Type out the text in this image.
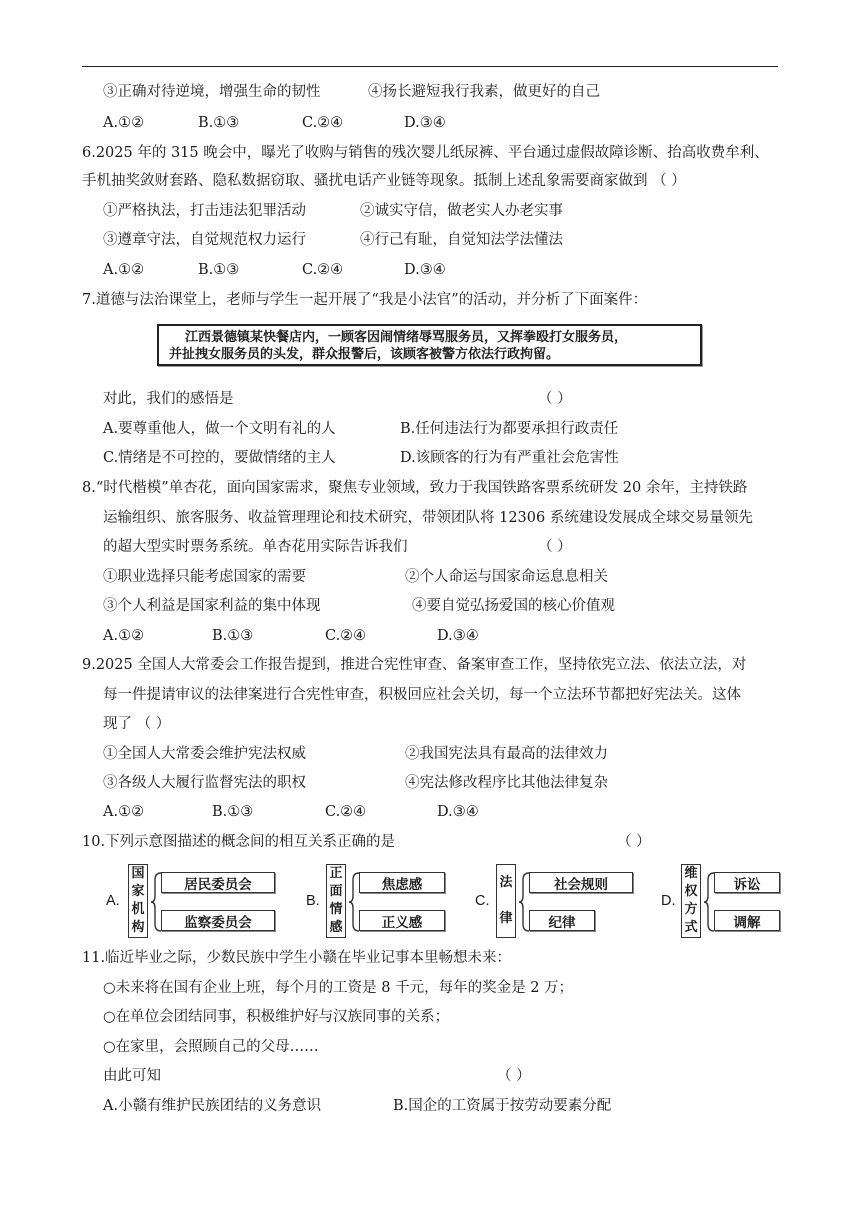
③正确对待逆境，增强生命的韧性	④扬长避短我行我素，做更好的自己
A.①②	B.①③	C.②④	D.③④
6.2025 年的 315 晚会中，曝光了收购与销售的残次婴儿纸尿裤、平台通过虚假故障诊断、抬高收费牟利、
手机抽奖敛财套路、隐私数据窃取、骚扰电话产业链等现象。抵制上述乱象需要商家做到 （ ）
①严格执法，打击违法犯罪活动	②诚实守信，做老实人办老实事
③遵章守法，自觉规范权力运行	④行己有耻，自觉知法学法懂法
A.①②	B.①③	C.②④	D.③④
7.道德与法治课堂上，老师与学生一起开展了“我是小法官”的活动，并分析了下面案件：
江西景德镇某快餐店内，一顾客因闹情绪辱骂服务员，又挥拳殴打女服务员，
并扯拽女服务员的头发，群众报警后，该顾客被警方依法行政拘留。
对此，我们的感悟是	（ ）
A.要尊重他人，做一个文明有礼的人	B.任何违法行为都要承担行政责任
C.情绪是不可控的，要做情绪的主人	D.该顾客的行为有严重社会危害性
8.“时代楷模”单杏花，面向国家需求，聚焦专业领域，致力于我国铁路客票系统研发 20 余年，主持铁路
运输组织、旅客服务、收益管理理论和技术研究，带领团队将 12306 系统建设发展成全球交易量领先
的超大型实时票务系统。单杏花用实际告诉我们	（ ）
①职业选择只能考虑国家的需要	②个人命运与国家命运息息相关
③个人利益是国家利益的集中体现	④要自觉弘扬爱国的核心价值观
A.①②	B.①③	C.②④	D.③④
9.2025 全国人大常委会工作报告提到，推进合宪性审查、备案审查工作，坚持依宪立法、依法立法，对
每一件提请审议的法律案进行合宪性审查，积极回应社会关切，每一个立法环节都把好宪法关。这体
现了 （ ）
①全国人大常委会维护宪法权威	②我国宪法具有最高的法律效力
③各级人大履行监督宪法的职权	④宪法修改程序比其他法律复杂
A.①②	B.①③	C.②④	D.③④
10.下列示意图描述的概念间的相互关系正确的是	（ ）
A.
国
家
机
构
居民委员会
监察委员会
B.
正
面
情
感
焦虑感
正义感
C.
法
律
社会规则
纪律
D.
维
权
方
式
诉讼
调解
11.临近毕业之际，少数民族中学生小赣在毕业记事本里畅想未来：
○未来将在国有企业上班，每个月的工资是 8 千元，每年的奖金是 2 万；
○在单位会团结同事，积极维护好与汉族同事的关系；
○在家里，会照顾自己的父母……
由此可知	（ ）
A.小赣有维护民族团结的义务意识	B.国企的工资属于按劳动要素分配
